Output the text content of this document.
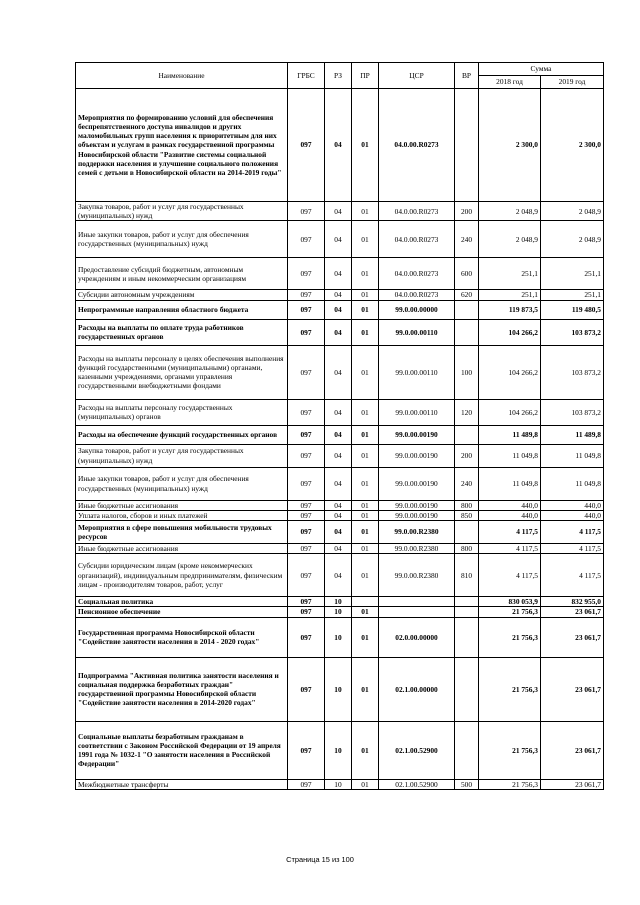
Наименование	ГРБС	РЗ	ПР	ЦСР	ВР	Сумма	
						2018 год	2019 год
Мероприятия по формированию условий для обеспечения беспрепятственного доступа инвалидов и других маломобильных групп населения к приоритетным для них объектам и услугам в рамках государственной программы Новосибирской области "Развитие системы социальной поддержки населения и улучшение социального положения семей с детьми в Новосибирской области на 2014-2019 годы"	097	04	01	04.0.00.R0273		2 300,0	2 300,0
Закупка товаров, работ и услуг для государственных (муниципальных) нужд	097	04	01	04.0.00.R0273	200	2 048,9	2 048,9
Иные закупки товаров, работ и услуг для обеспечения государственных (муниципальных) нужд	097	04	01	04.0.00.R0273	240	2 048,9	2 048,9
Предоставление субсидий бюджетным, автономным учреждениям и иным некоммерческим организациям	097	04	01	04.0.00.R0273	600	251,1	251,1
Субсидии автономным учреждениям	097	04	01	04.0.00.R0273	620	251,1	251,1
Непрограммные направления областного бюджета	097	04	01	99.0.00.00000		119 873,5	119 480,5
Расходы на выплаты по оплате труда работников государственных органов	097	04	01	99.0.00.00110		104 266,2	103 873,2
Расходы на выплаты персоналу в целях обеспечения выполнения функций государственными (муниципальными) органами, казенными учреждениями, органами управления государственными внебюджетными фондами	097	04	01	99.0.00.00110	100	104 266,2	103 873,2
Расходы на выплаты персоналу государственных (муниципальных) органов	097	04	01	99.0.00.00110	120	104 266,2	103 873,2
Расходы на обеспечение функций государственных органов	097	04	01	99.0.00.00190		11 489,8	11 489,8
Закупка товаров, работ и услуг для государственных (муниципальных) нужд	097	04	01	99.0.00.00190	200	11 049,8	11 049,8
Иные закупки товаров, работ и услуг для обеспечения государственных (муниципальных) нужд	097	04	01	99.0.00.00190	240	11 049,8	11 049,8
Иные бюджетные ассигнования	097	04	01	99.0.00.00190	800	440,0	440,0
Уплата налогов, сборов и иных платежей	097	04	01	99.0.00.00190	850	440,0	440,0
Мероприятия в сфере повышения мобильности трудовых ресурсов	097	04	01	99.0.00.R2380		4 117,5	4 117,5
Иные бюджетные ассигнования	097	04	01	99.0.00.R2380	800	4 117,5	4 117,5
Субсидии юридическим лицам (кроме некоммерческих организаций), индивидуальным предпринимателям, физическим лицам - производителям товаров, работ, услуг	097	04	01	99.0.00.R2380	810	4 117,5	4 117,5
Социальная политика	097	10				830 053,9	832 955,0
Пенсионное обеспечение	097	10	01			21 756,3	23 061,7
Государственная программа Новосибирской области "Содействие занятости населения в 2014 - 2020 годах"	097	10	01	02.0.00.00000		21 756,3	23 061,7
Подпрограмма "Активная политика занятости населения и социальная поддержка безработных граждан" государственной программы Новосибирской области "Содействие занятости населения в 2014-2020 годах"	097	10	01	02.1.00.00000		21 756,3	23 061,7
Социальные выплаты безработным гражданам в соответствии с Законом Российской Федерации от 19 апреля 1991 года № 1032-1 "О занятости населения в Российской Федерации"	097	10	01	02.1.00.52900		21 756,3	23 061,7
Межбюджетные трансферты	097	10	01	02.1.00.52900	500	21 756,3	23 061,7
Страница 15 из 100
